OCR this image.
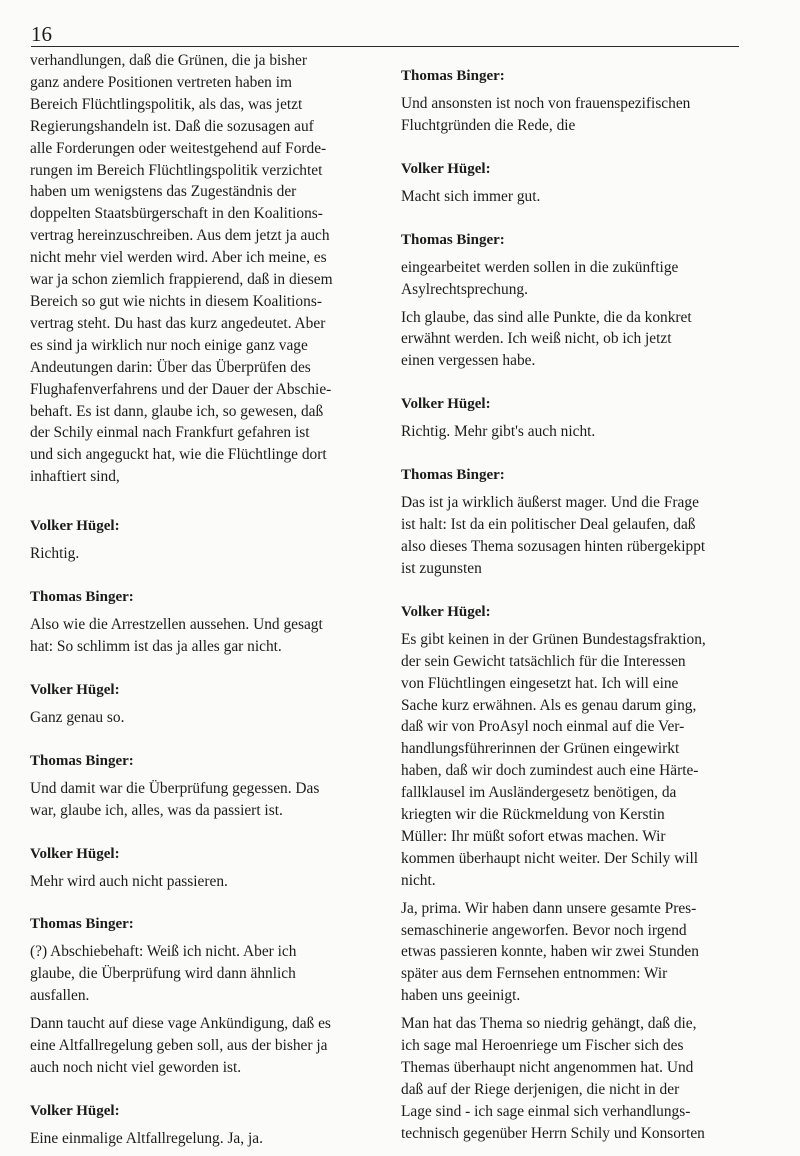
16
verhandlungen, daß die Grünen, die ja bisher
ganz andere Positionen vertreten haben im
Bereich Flüchtlingspolitik, als das, was jetzt
Regierungshandeln ist. Daß die sozusagen auf
alle Forderungen oder weitestgehend auf Forde-
rungen im Bereich Flüchtlingspolitik verzichtet
haben um wenigstens das Zugeständnis der
doppelten Staatsbürgerschaft in den Koalitions-
vertrag hereinzuschreiben. Aus dem jetzt ja auch
nicht mehr viel werden wird. Aber ich meine, es
war ja schon ziemlich frappierend, daß in diesem
Bereich so gut wie nichts in diesem Koalitions-
vertrag steht. Du hast das kurz angedeutet. Aber
es sind ja wirklich nur noch einige ganz vage
Andeutungen darin: Über das Überprüfen des
Flughafenverfahrens und der Dauer der Abschie-
behaft. Es ist dann, glaube ich, so gewesen, daß
der Schily einmal nach Frankfurt gefahren ist
und sich angeguckt hat, wie die Flüchtlinge dort
inhaftiert sind,
Volker Hügel:
Richtig.
Thomas Binger:
Also wie die Arrestzellen aussehen. Und gesagt
hat: So schlimm ist das ja alles gar nicht.
Volker Hügel:
Ganz genau so.
Thomas Binger:
Und damit war die Überprüfung gegessen. Das
war, glaube ich, alles, was da passiert ist.
Volker Hügel:
Mehr wird auch nicht passieren.
Thomas Binger:
(?) Abschiebehaft: Weiß ich nicht. Aber ich
glaube, die Überprüfung wird dann ähnlich
ausfallen.
Dann taucht auf diese vage Ankündigung, daß es
eine Altfallregelung geben soll, aus der bisher ja
auch noch nicht viel geworden ist.
Volker Hügel:
Eine einmalige Altfallregelung. Ja, ja.
Thomas Binger:
Und ansonsten ist noch von frauenspezifischen
Fluchtgründen die Rede, die
Volker Hügel:
Macht sich immer gut.
Thomas Binger:
eingearbeitet werden sollen in die zukünftige
Asylrechtsprechung.
Ich glaube, das sind alle Punkte, die da konkret
erwähnt werden. Ich weiß nicht, ob ich jetzt
einen vergessen habe.
Volker Hügel:
Richtig. Mehr gibt's auch nicht.
Thomas Binger:
Das ist ja wirklich äußerst mager. Und die Frage
ist halt: Ist da ein politischer Deal gelaufen, daß
also dieses Thema sozusagen hinten rübergekippt
ist zugunsten
Volker Hügel:
Es gibt keinen in der Grünen Bundestagsfraktion,
der sein Gewicht tatsächlich für die Interessen
von Flüchtlingen eingesetzt hat. Ich will eine
Sache kurz erwähnen. Als es genau darum ging,
daß wir von ProAsyl noch einmal auf die Ver-
handlungsführerinnen der Grünen eingewirkt
haben, daß wir doch zumindest auch eine Härte-
fallklausel im Ausländergesetz benötigen, da
kriegten wir die Rückmeldung von Kerstin
Müller: Ihr müßt sofort etwas machen. Wir
kommen überhaupt nicht weiter. Der Schily will
nicht.
Ja, prima. Wir haben dann unsere gesamte Pres-
semaschinerie angeworfen. Bevor noch irgend
etwas passieren konnte, haben wir zwei Stunden
später aus dem Fernsehen entnommen: Wir
haben uns geeinigt.
Man hat das Thema so niedrig gehängt, daß die,
ich sage mal Heroenriege um Fischer sich des
Themas überhaupt nicht angenommen hat. Und
daß auf der Riege derjenigen, die nicht in der
Lage sind - ich sage einmal sich verhandlungs-
technisch gegenüber Herrn Schily und Konsorten
